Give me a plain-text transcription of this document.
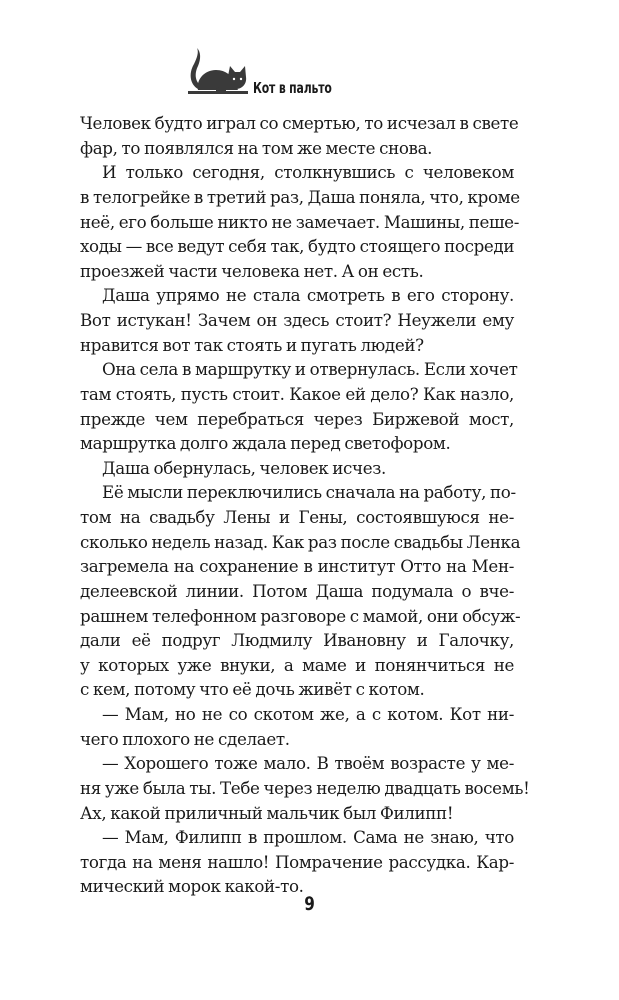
Кот в пальто
Человек будто играл со смертью, то исчезал в свете
фар, то появлялся на том же месте снова.
И только сегодня, столкнувшись с человеком
в телогрейке в третий раз, Даша поняла, что, кроме
неё, его больше никто не замечает. Машины, пеше-
ходы — все ведут себя так, будто стоящего посреди
проезжей части человека нет. А он есть.
Даша упрямо не стала смотреть в его сторону.
Вот истукан! Зачем он здесь стоит? Неужели ему
нравится вот так стоять и пугать людей?
Она села в маршрутку и отвернулась. Если хочет
там стоять, пусть стоит. Какое ей дело? Как назло,
прежде чем перебраться через Биржевой мост,
маршрутка долго ждала перед светофором.
Даша обернулась, человек исчез.
Её мысли переключились сначала на работу, по-
том на свадьбу Лены и Гены, состоявшуюся не-
сколько недель назад. Как раз после свадьбы Ленка
загремела на сохранение в институт Отто на Мен-
делеевской линии. Потом Даша подумала о вче-
рашнем телефонном разговоре с мамой, они обсуж-
дали её подруг Людмилу Ивановну и Галочку,
у которых уже внуки, а маме и понянчиться не
с кем, потому что её дочь живёт с котом.
— Мам, но не со скотом же, а с котом. Кот ни-
чего плохого не сделает.
— Хорошего тоже мало. В твоём возрасте у ме-
ня уже была ты. Тебе через неделю двадцать восемь!
Ах, какой приличный мальчик был Филипп!
— Мам, Филипп в прошлом. Сама не знаю, что
тогда на меня нашло! Помрачение рассудка. Кар-
мический морок какой-то.
9
